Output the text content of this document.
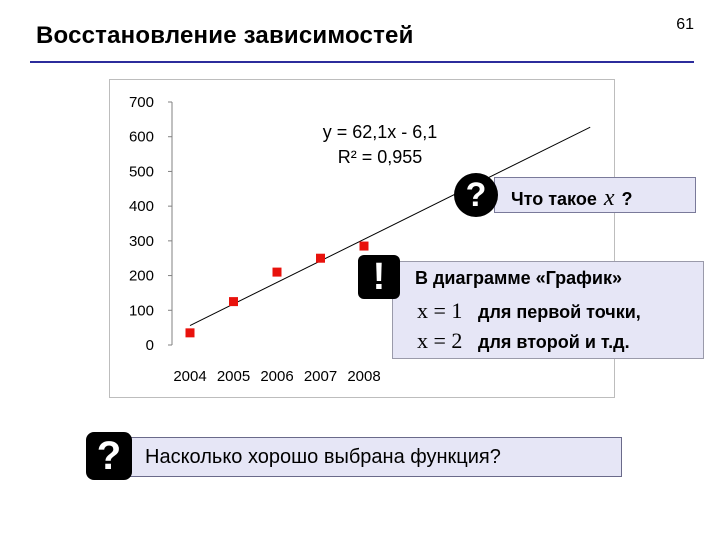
Восстановление зависимостей	61
0
100
200
300
400
500
600
700
2004 2005 2006 2007 2008
y = 62,1x - 6,1
R² = 0,955
Что такое x ?
?
В диаграмме «График»
x = 1 для первой точки,
x = 2 для второй и т.д.
!
Насколько хорошо выбрана функция?
?
